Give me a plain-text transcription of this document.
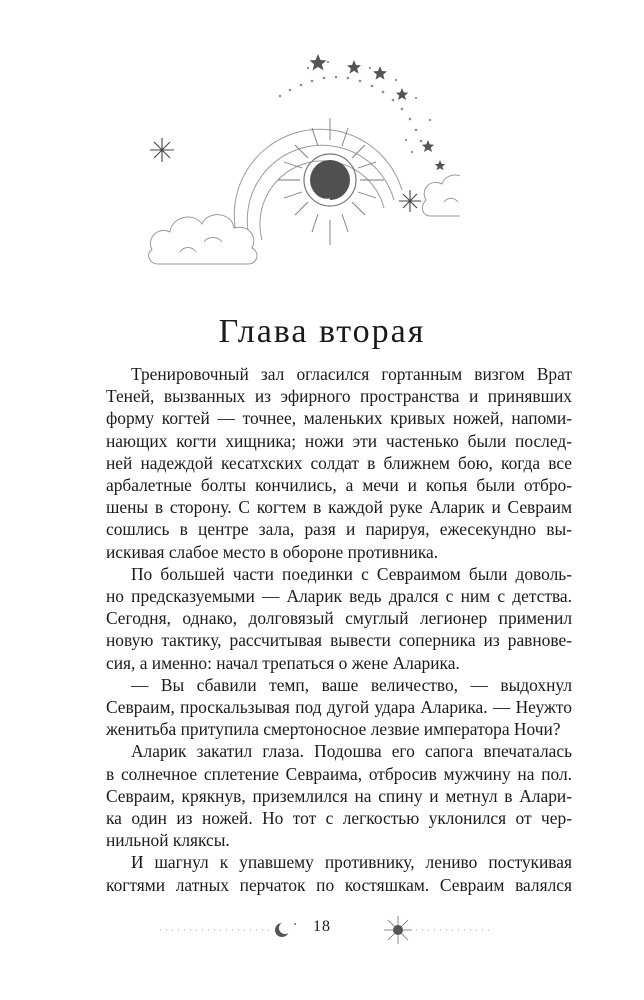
Глава вторая

Тренировочный зал огласился гортанным визгом Врат
Теней, вызванных из эфирного пространства и принявших
форму когтей — точнее, маленьких кривых ножей, напоми-
нающих когти хищника; ножи эти частенько были послед-
ней надеждой кесатхских солдат в ближнем бою, когда все
арбалетные болты кончились, а мечи и копья были отбро-
шены в сторону. С когтем в каждой руке Аларик и Севраим
сошлись в центре зала, разя и парируя, ежесекундно вы-
искивая слабое место в обороне противника.

По большей части поединки с Севраимом были доволь-
но предсказуемыми — Аларик ведь дрался с ним с детства.
Сегодня, однако, долговязый смуглый легионер применил
новую тактику, рассчитывая вывести соперника из равнове-
сия, а именно: начал трепаться о жене Аларика.

— Вы сбавили темп, ваше величество, — выдохнул
Севраим, проскальзывая под дугой удара Аларика. — Неужто
женитьба притупила смертоносное лезвие императора Ночи?

Аларик закатил глаза. Подошва его сапога впечаталась
в солнечное сплетение Севраима, отбросив мужчину на пол.
Севраим, крякнув, приземлился на спину и метнул в Алари-
ка один из ножей. Но тот с легкостью уклонился от чер-
нильной кляксы.

И шагнул к упавшему противнику, лениво постукивая
когтями латных перчаток по костяшкам. Севраим валялся

18
